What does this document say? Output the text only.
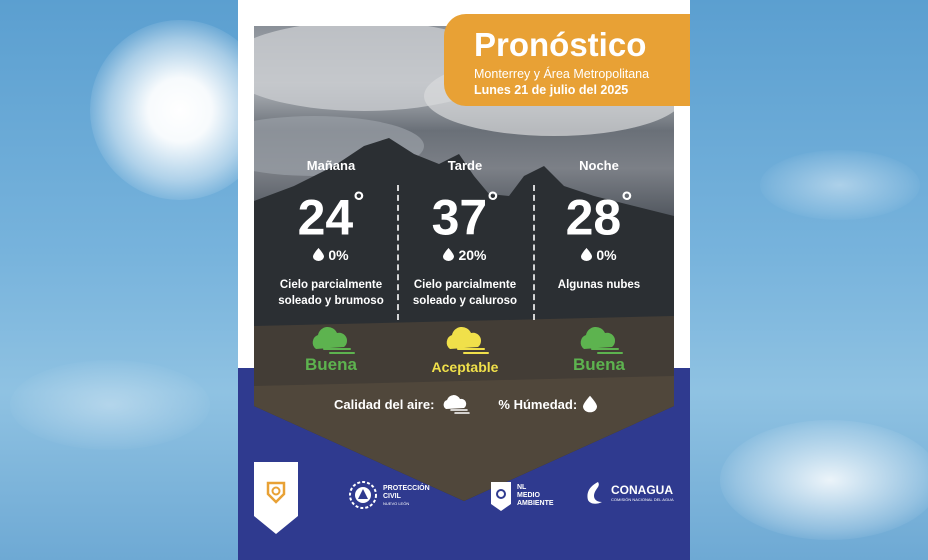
Pronóstico
Monterrey y Área Metropolitana
Lunes 21 de julio del 2025
Mañana
24°
0%
Cielo parcialmente soleado y brumoso
Buena
Tarde
37°
20%
Cielo parcialmente soleado y caluroso
Aceptable
Noche
28°
0%
Algunas nubes
Buena
Calidad del aire:	% Húmedad:
PROTECCIÓN
CIVIL
NUEVO LEÓN
NL
MEDIO
AMBIENTE
CONAGUA
COMISIÓN NACIONAL DEL AGUA
